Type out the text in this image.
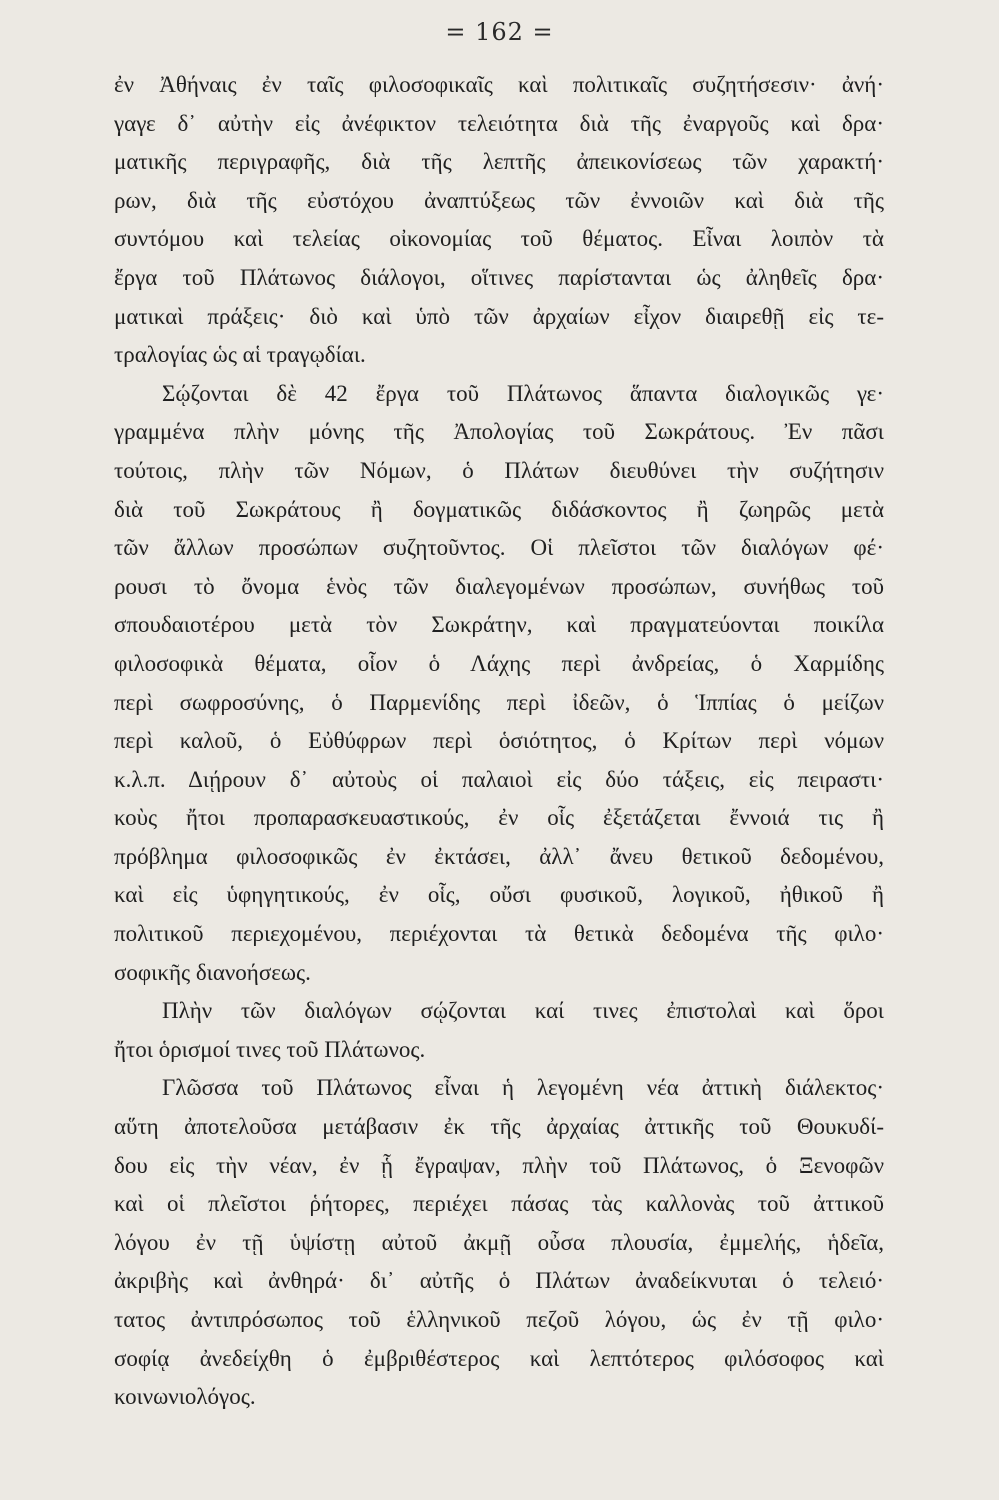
= 162 =
ἐν Ἀθήναις ἐν ταῖς φιλοσοφικαῖς καὶ πολιτικαῖς συζητήσεσιν· ἀνή·
γαγε δ᾽ αὐτὴν εἰς ἀνέφικτον τελειότητα διὰ τῆς ἐναργοῦς καὶ δρα·
ματικῆς περιγραφῆς, διὰ τῆς λεπτῆς ἀπεικονίσεως τῶν χαρακτή·
ρων, διὰ τῆς εὐστόχου ἀναπτύξεως τῶν ἐννοιῶν καὶ διὰ τῆς
συντόμου καὶ τελείας οἰκονομίας τοῦ θέματος. Εἶναι λοιπὸν τὰ
ἔργα τοῦ Πλάτωνος διάλογοι, οἵτινες παρίστανται ὡς ἀληθεῖς δρα·
ματικαὶ πράξεις· διὸ καὶ ὑπὸ τῶν ἀρχαίων εἶχον διαιρεθῇ εἰς τε-
τραλογίας ὡς αἱ τραγῳδίαι.
Σῴζονται δὲ 42 ἔργα τοῦ Πλάτωνος ἅπαντα διαλογικῶς γε·
γραμμένα πλὴν μόνης τῆς Ἀπολογίας τοῦ Σωκράτους. Ἐν πᾶσι
τούτοις, πλὴν τῶν Νόμων, ὁ Πλάτων διευθύνει τὴν συζήτησιν
διὰ τοῦ Σωκράτους ἢ δογματικῶς διδάσκοντος ἢ ζωηρῶς μετὰ
τῶν ἄλλων προσώπων συζητοῦντος. Οἱ πλεῖστοι τῶν διαλόγων φέ·
ρουσι τὸ ὄνομα ἑνὸς τῶν διαλεγομένων προσώπων, συνήθως τοῦ
σπουδαιοτέρου μετὰ τὸν Σωκράτην, καὶ πραγματεύονται ποικίλα
φιλοσοφικὰ θέματα, οἷον ὁ Λάχης περὶ ἀνδρείας, ὁ Χαρμίδης
περὶ σωφροσύνης, ὁ Παρμενίδης περὶ ἰδεῶν, ὁ Ἱππίας ὁ μείζων
περὶ καλοῦ, ὁ Εὐθύφρων περὶ ὁσιότητος, ὁ Κρίτων περὶ νόμων
κ.λ.π. Διῄρουν δ᾽ αὐτοὺς οἱ παλαιοὶ εἰς δύο τάξεις, εἰς πειραστι·
κοὺς ἤτοι προπαρασκευαστικούς, ἐν οἷς ἐξετάζεται ἔννοιά τις ἢ
πρόβλημα φιλοσοφικῶς ἐν ἐκτάσει, ἀλλ᾽ ἄνευ θετικοῦ δεδομένου,
καὶ εἰς ὑφηγητικούς, ἐν οἷς, οὔσι φυσικοῦ, λογικοῦ, ἠθικοῦ ἢ
πολιτικοῦ περιεχομένου, περιέχονται τὰ θετικὰ δεδομένα τῆς φιλο·
σοφικῆς διανοήσεως.
Πλὴν τῶν διαλόγων σῴζονται καί τινες ἐπιστολαὶ καὶ ὅροι
ἤτοι ὁρισμοί τινες τοῦ Πλάτωνος.
Γλῶσσα τοῦ Πλάτωνος εἶναι ἡ λεγομένη νέα ἀττικὴ διάλεκτος·
αὕτη ἀποτελοῦσα μετάβασιν ἐκ τῆς ἀρχαίας ἀττικῆς τοῦ Θουκυδί-
δου εἰς τὴν νέαν, ἐν ᾗ ἔγραψαν, πλὴν τοῦ Πλάτωνος, ὁ Ξενοφῶν
καὶ οἱ πλεῖστοι ῥήτορες, περιέχει πάσας τὰς καλλονὰς τοῦ ἀττικοῦ
λόγου ἐν τῇ ὑψίστῃ αὐτοῦ ἀκμῇ οὖσα πλουσία, ἐμμελής, ἡδεῖα,
ἀκριβὴς καὶ ἀνθηρά· δι᾽ αὐτῆς ὁ Πλάτων ἀναδείκνυται ὁ τελειό·
τατος ἀντιπρόσωπος τοῦ ἑλληνικοῦ πεζοῦ λόγου, ὡς ἐν τῇ φιλο·
σοφίᾳ ἀνεδείχθη ὁ ἐμβριθέστερος καὶ λεπτότερος φιλόσοφος καὶ
κοινωνιολόγος.
